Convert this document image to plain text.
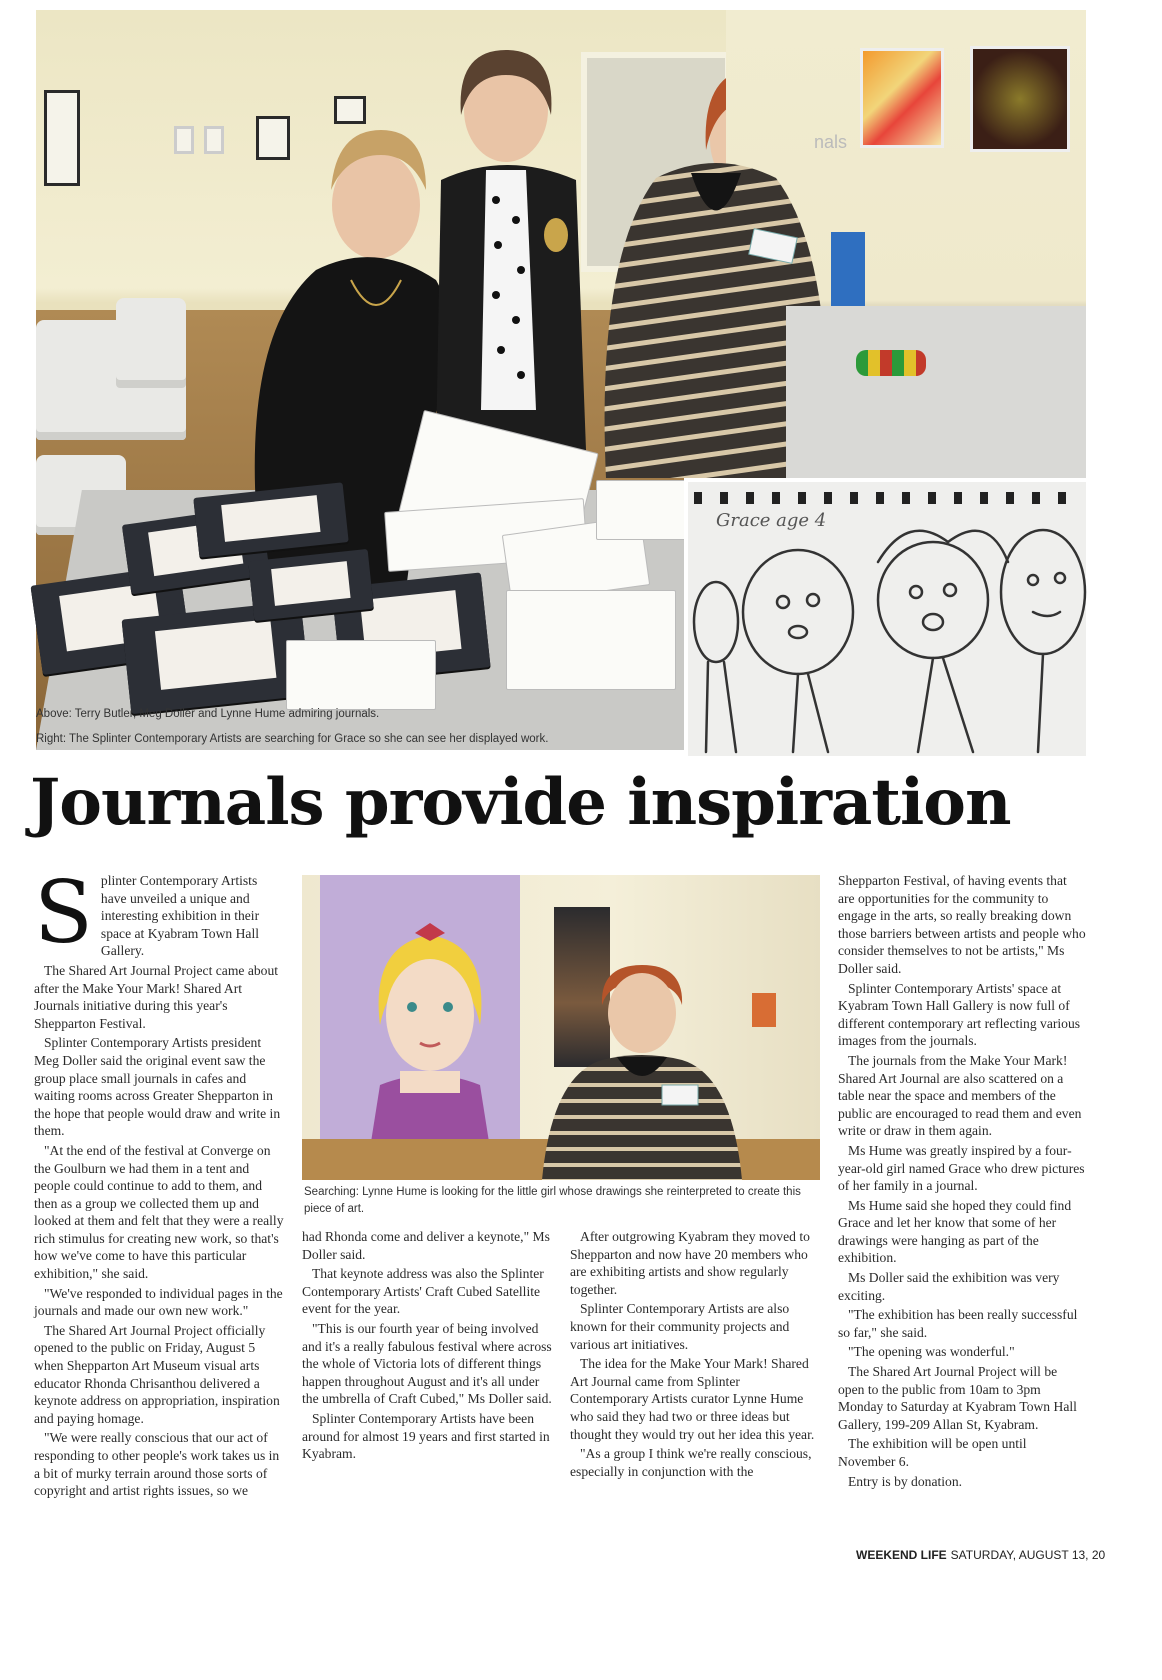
nals
Grace age 4
Above: Terry Butler, Meg Doller and Lynne Hume admiring journals.
Right: The Splinter Contemporary Artists are searching for Grace so she can see her displayed work.
Journals provide inspiration

Splinter Contemporary Artists have unveiled a unique and interesting exhibition in their space at Kyabram Town Hall Gallery.

The Shared Art Journal Project came about after the Make Your Mark! Shared Art Journals initiative during this year's Shepparton Festival.

Splinter Contemporary Artists president Meg Doller said the original event saw the group place small journals in cafes and waiting rooms across Greater Shepparton in the hope that people would draw and write in them.

"At the end of the festival at Converge on the Goulburn we had them in a tent and people could continue to add to them, and then as a group we collected them up and looked at them and felt that they were a really rich stimulus for creating new work, so that's how we've come to have this particular exhibition," she said.

"We've responded to individual pages in the journals and made our own new work."

The Shared Art Journal Project officially opened to the public on Friday, August 5 when Shepparton Art Museum visual arts educator Rhonda Chrisanthou delivered a keynote address on appropriation, inspiration and paying homage.

"We were really conscious that our act of responding to other people's work takes us in a bit of murky terrain around those sorts of copyright and artist rights issues, so we

Searching: Lynne Hume is looking for the little girl whose drawings she reinterpreted to create this piece of art.

had Rhonda come and deliver a keynote," Ms Doller said.

That keynote address was also the Splinter Contemporary Artists' Craft Cubed Satellite event for the year.

"This is our fourth year of being involved and it's a really fabulous festival where across the whole of Victoria lots of different things happen throughout August and it's all under the umbrella of Craft Cubed," Ms Doller said.

Splinter Contemporary Artists have been around for almost 19 years and first started in Kyabram.

After outgrowing Kyabram they moved to Shepparton and now have 20 members who are exhibiting artists and show regularly together.

Splinter Contemporary Artists are also known for their community projects and various art initiatives.

The idea for the Make Your Mark! Shared Art Journal came from Splinter Contemporary Artists curator Lynne Hume who said they had two or three ideas but thought they would try out her idea this year.

"As a group I think we're really conscious, especially in conjunction with the

Shepparton Festival, of having events that are opportunities for the community to engage in the arts, so really breaking down those barriers between artists and people who consider themselves to not be artists," Ms Doller said.

Splinter Contemporary Artists' space at Kyabram Town Hall Gallery is now full of different contemporary art reflecting various images from the journals.

The journals from the Make Your Mark! Shared Art Journal are also scattered on a table near the space and members of the public are encouraged to read them and even write or draw in them again.

Ms Hume was greatly inspired by a four-year-old girl named Grace who drew pictures of her family in a journal.

Ms Hume said she hoped they could find Grace and let her know that some of her drawings were hanging as part of the exhibition.

Ms Doller said the exhibition was very exciting.

"The exhibition has been really successful so far," she said.

"The opening was wonderful."

The Shared Art Journal Project will be open to the public from 10am to 3pm Monday to Saturday at Kyabram Town Hall Gallery, 199-209 Allan St, Kyabram.

The exhibition will be open until November 6.

Entry is by donation.

WEEKEND LIFE SATURDAY, AUGUST 13, 20
